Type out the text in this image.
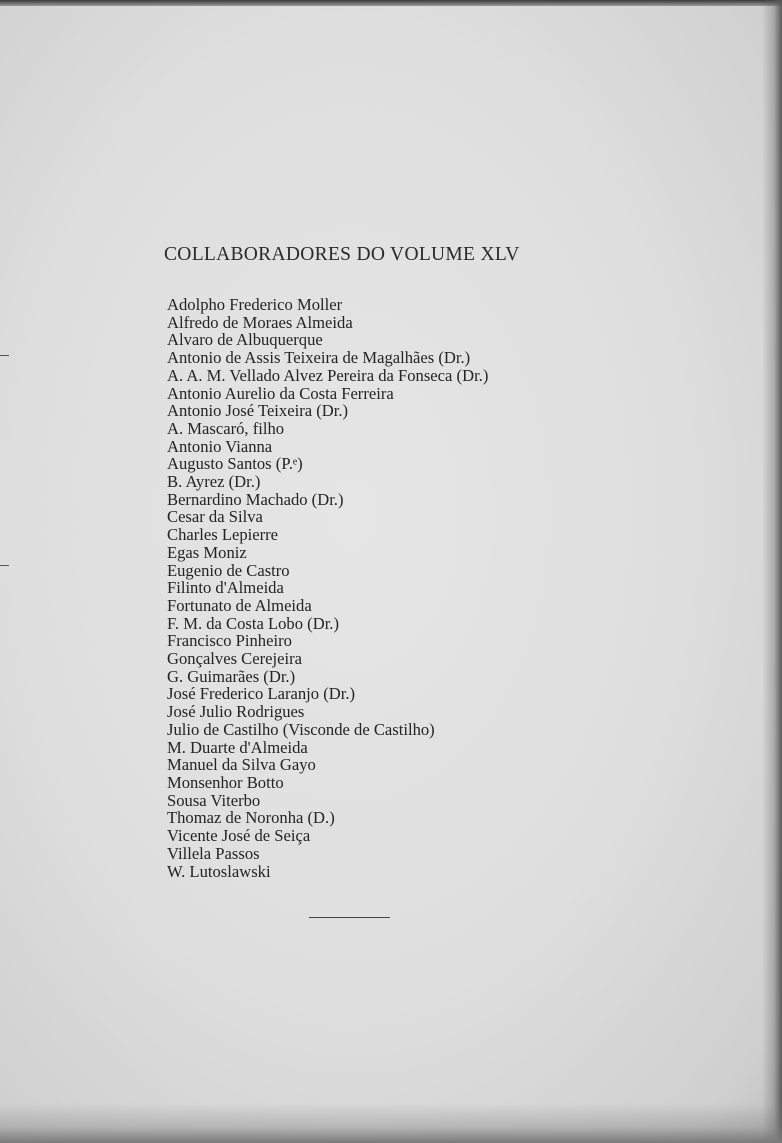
COLLABORADORES DO VOLUME XLV
Adolpho Frederico Moller
Alfredo de Moraes Almeida
Alvaro de Albuquerque
Antonio de Assis Teixeira de Magalhães (Dr.)
A. A. M. Vellado Alvez Pereira da Fonseca (Dr.)
Antonio Aurelio da Costa Ferreira
Antonio José Teixeira (Dr.)
A. Mascaró, filho
Antonio Vianna
Augusto Santos (P.ᵉ)
B. Ayrez (Dr.)
Bernardino Machado (Dr.)
Cesar da Silva
Charles Lepierre
Egas Moniz
Eugenio de Castro
Filinto d'Almeida
Fortunato de Almeida
F. M. da Costa Lobo (Dr.)
Francisco Pinheiro
Gonçalves Cerejeira
G. Guimarães (Dr.)
José Frederico Laranjo (Dr.)
José Julio Rodrigues
Julio de Castilho (Visconde de Castilho)
M. Duarte d'Almeida
Manuel da Silva Gayo
Monsenhor Botto
Sousa Viterbo
Thomaz de Noronha (D.)
Vicente José de Seiça
Villela Passos
W. Lutoslawski
